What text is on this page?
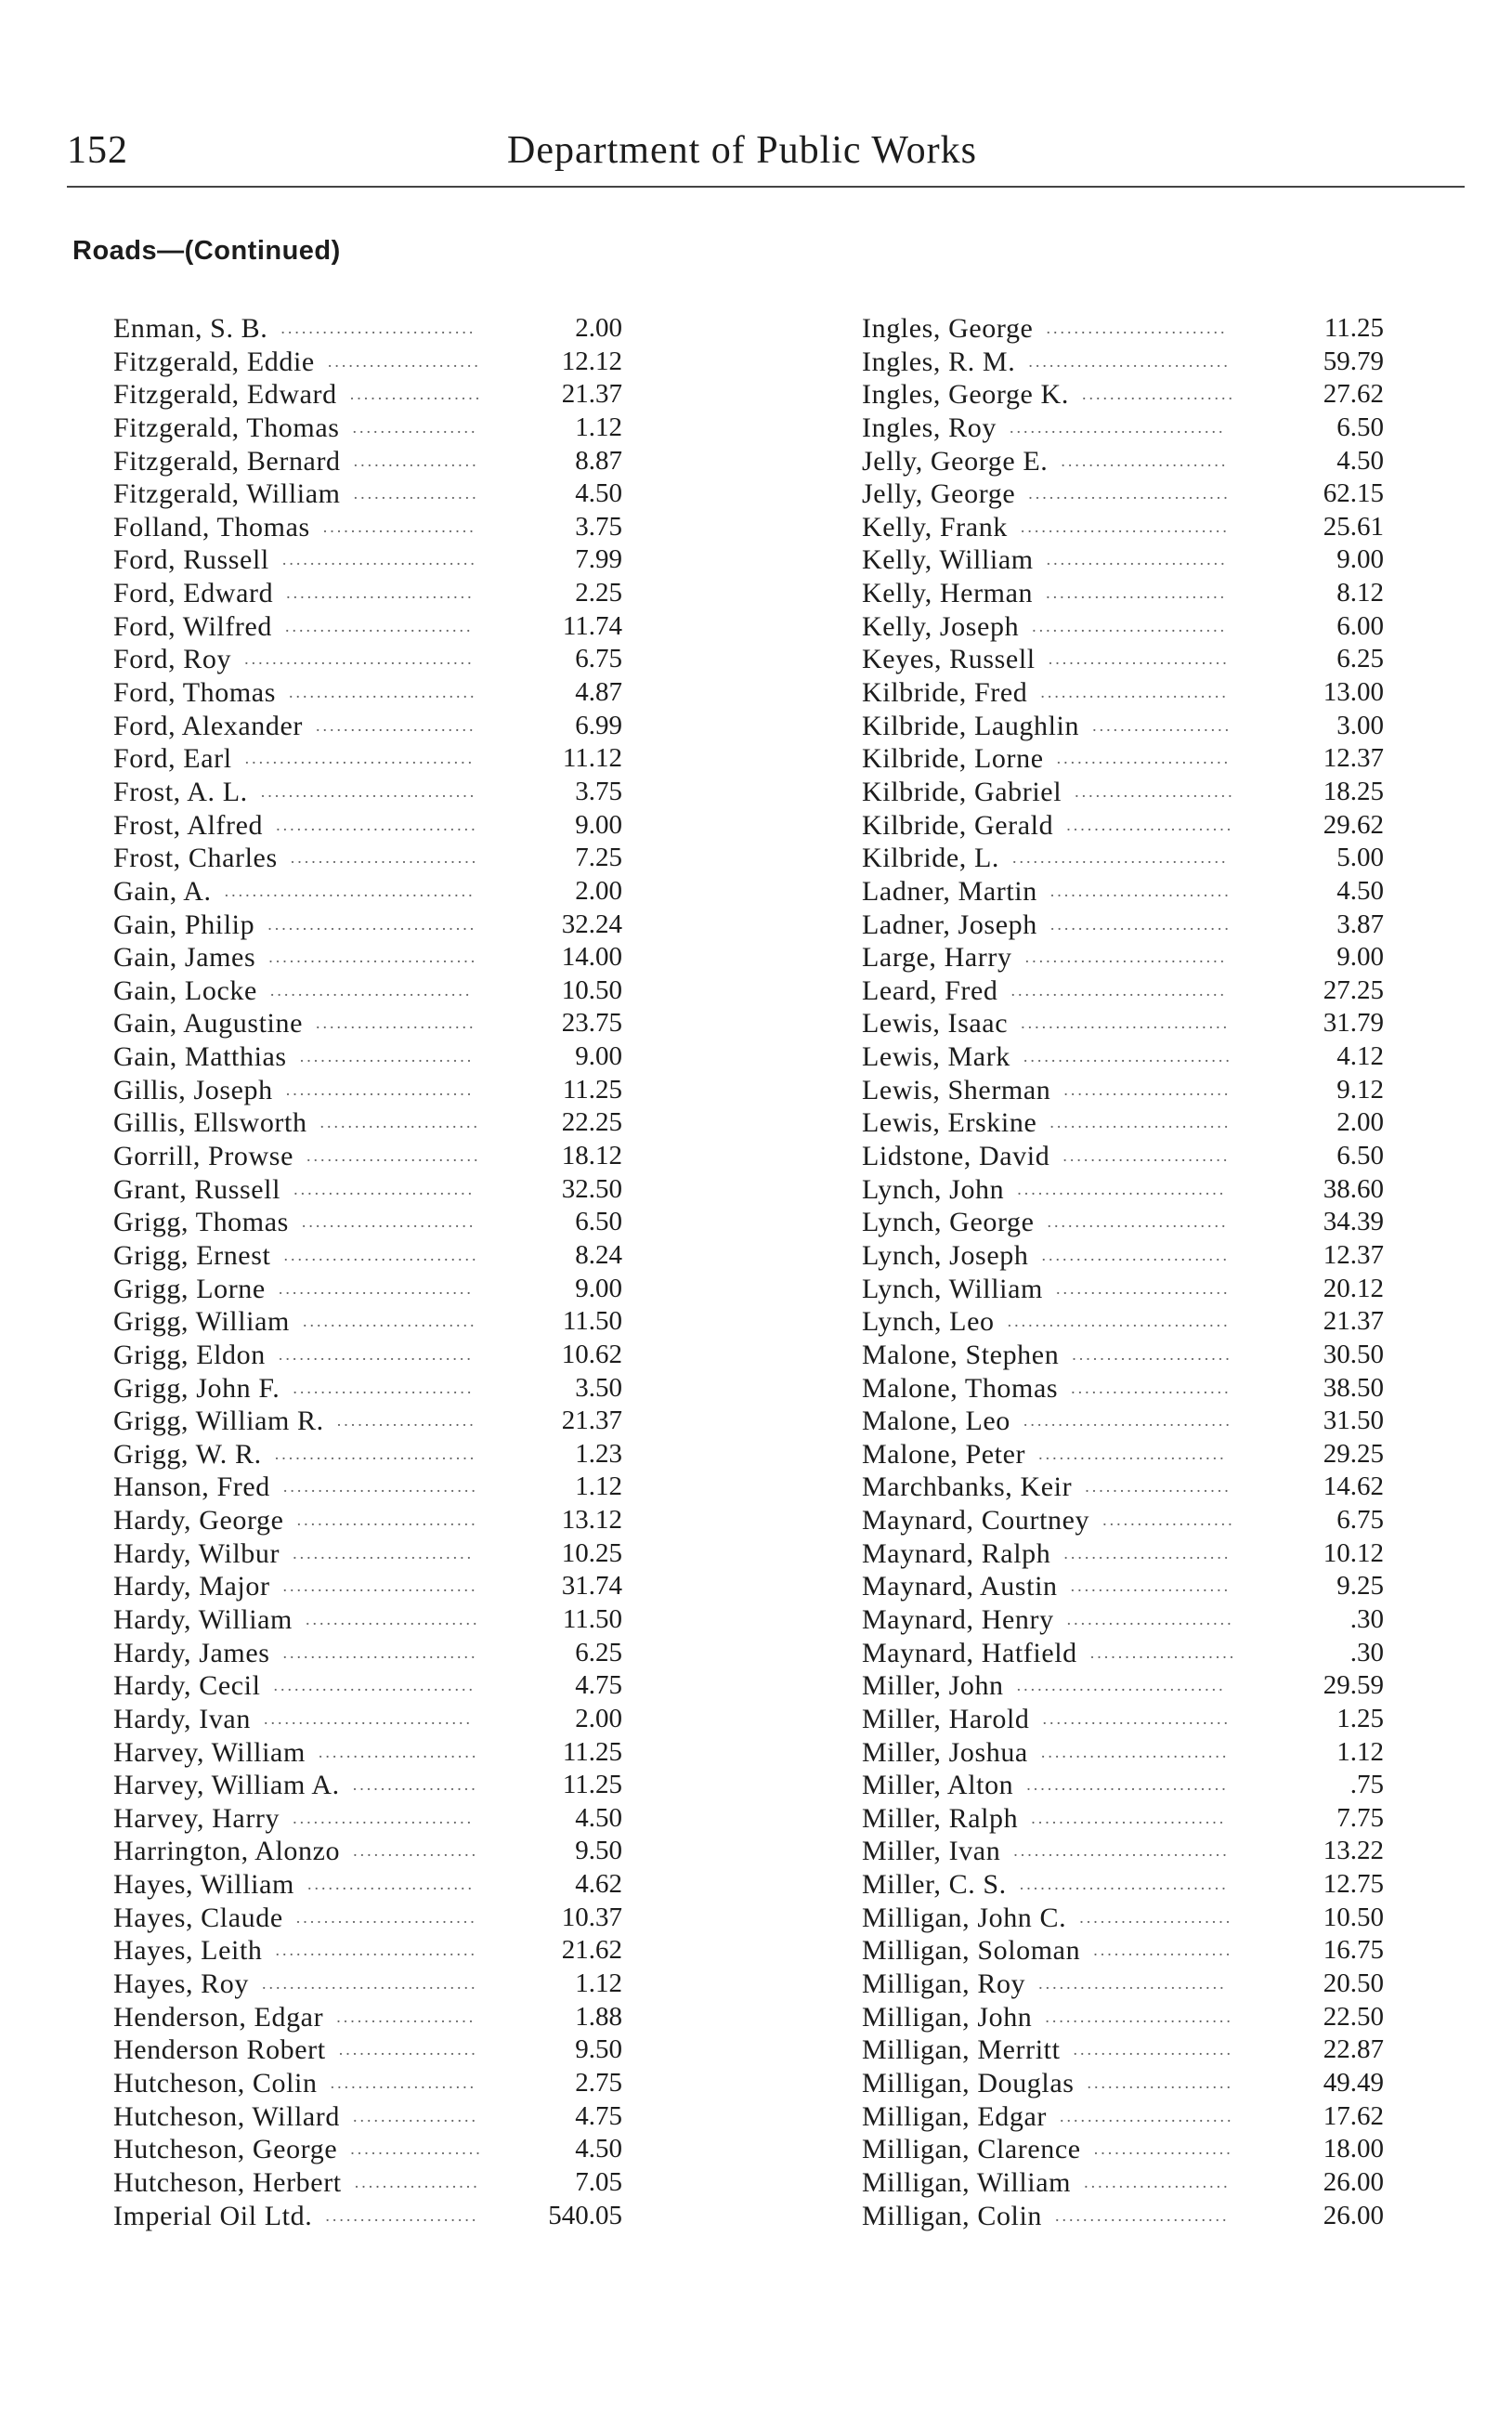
152	Department of Public Works
Roads—(Continued)
Enman, S. B. ............................	2.00
Fitzgerald, Eddie ......................	12.12
Fitzgerald, Edward ...................	21.37
Fitzgerald, Thomas ..................	1.12
Fitzgerald, Bernard ..................	8.87
Fitzgerald, William ..................	4.50
Folland, Thomas ......................	3.75
Ford, Russell ............................	7.99
Ford, Edward ...........................	2.25
Ford, Wilfred ...........................	11.74
Ford, Roy .................................	6.75
Ford, Thomas ...........................	4.87
Ford, Alexander .......................	6.99
Ford, Earl .................................	11.12
Frost, A. L. ...............................	3.75
Frost, Alfred .............................	9.00
Frost, Charles ...........................	7.25
Gain, A. ....................................	2.00
Gain, Philip ..............................	32.24
Gain, James ..............................	14.00
Gain, Locke .............................	10.50
Gain, Augustine .......................	23.75
Gain, Matthias .........................	9.00
Gillis, Joseph ...........................	11.25
Gillis, Ellsworth .......................	22.25
Gorrill, Prowse .........................	18.12
Grant, Russell ..........................	32.50
Grigg, Thomas .........................	6.50
Grigg, Ernest ............................	8.24
Grigg, Lorne ............................	9.00
Grigg, William .........................	11.50
Grigg, Eldon ............................	10.62
Grigg, John F. ..........................	3.50
Grigg, William R. ....................	21.37
Grigg, W. R. .............................	1.23
Hanson, Fred ............................	1.12
Hardy, George ..........................	13.12
Hardy, Wilbur ..........................	10.25
Hardy, Major ............................	31.74
Hardy, William .........................	11.50
Hardy, James ............................	6.25
Hardy, Cecil .............................	4.75
Hardy, Ivan ..............................	2.00
Harvey, William .......................	11.25
Harvey, William A. ..................	11.25
Harvey, Harry ..........................	4.50
Harrington, Alonzo ..................	9.50
Hayes, William ........................	4.62
Hayes, Claude ..........................	10.37
Hayes, Leith .............................	21.62
Hayes, Roy ...............................	1.12
Henderson, Edgar ....................	1.88
Henderson Robert ....................	9.50
Hutcheson, Colin .....................	2.75
Hutcheson, Willard ..................	4.75
Hutcheson, George ...................	4.50
Hutcheson, Herbert ..................	7.05
Imperial Oil Ltd. ......................	540.05
Ingles, George ..........................	11.25
Ingles, R. M. .............................	59.79
Ingles, George K. ......................	27.62
Ingles, Roy ...............................	6.50
Jelly, George E. ........................	4.50
Jelly, George .............................	62.15
Kelly, Frank ..............................	25.61
Kelly, William ..........................	9.00
Kelly, Herman ..........................	8.12
Kelly, Joseph ............................	6.00
Keyes, Russell ..........................	6.25
Kilbride, Fred ...........................	13.00
Kilbride, Laughlin ....................	3.00
Kilbride, Lorne .........................	12.37
Kilbride, Gabriel .......................	18.25
Kilbride, Gerald ........................	29.62
Kilbride, L. ...............................	5.00
Ladner, Martin ..........................	4.50
Ladner, Joseph ..........................	3.87
Large, Harry .............................	9.00
Leard, Fred ...............................	27.25
Lewis, Isaac ..............................	31.79
Lewis, Mark ..............................	4.12
Lewis, Sherman ........................	9.12
Lewis, Erskine ..........................	2.00
Lidstone, David ........................	6.50
Lynch, John ..............................	38.60
Lynch, George ..........................	34.39
Lynch, Joseph ...........................	12.37
Lynch, William .........................	20.12
Lynch, Leo ................................	21.37
Malone, Stephen .......................	30.50
Malone, Thomas .......................	38.50
Malone, Leo ..............................	31.50
Malone, Peter ...........................	29.25
Marchbanks, Keir .....................	14.62
Maynard, Courtney ...................	6.75
Maynard, Ralph ........................	10.12
Maynard, Austin .......................	9.25
Maynard, Henry ........................	.30
Maynard, Hatfield .....................	.30
Miller, John ..............................	29.59
Miller, Harold ...........................	1.25
Miller, Joshua ...........................	1.12
Miller, Alton .............................	.75
Miller, Ralph ............................	7.75
Miller, Ivan ...............................	13.22
Miller, C. S. ..............................	12.75
Milligan, John C. ......................	10.50
Milligan, Soloman ....................	16.75
Milligan, Roy ...........................	20.50
Milligan, John ...........................	22.50
Milligan, Merritt .......................	22.87
Milligan, Douglas .....................	49.49
Milligan, Edgar .........................	17.62
Milligan, Clarence ....................	18.00
Milligan, William .....................	26.00
Milligan, Colin .........................	26.00
